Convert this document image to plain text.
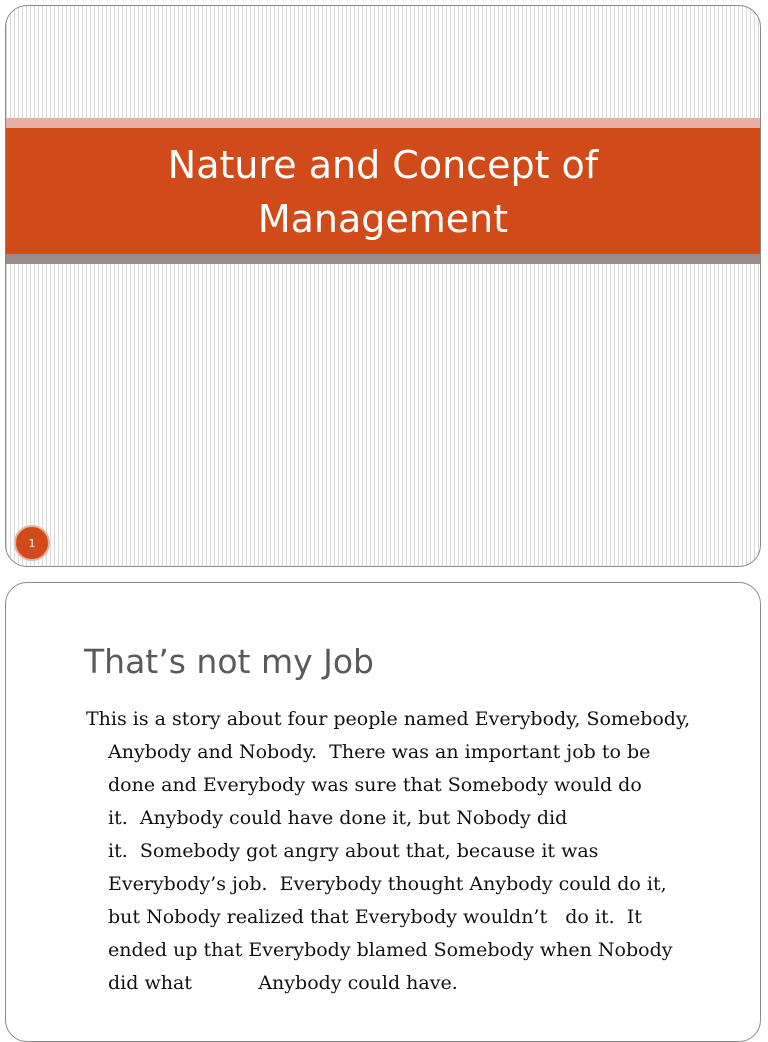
Nature and Concept of
Management
1
That’s not my Job

This is a story about four people named Everybody, Somebody,
Anybody and Nobody.  There was an important job to be
done and Everybody was sure that Somebody would do
it.  Anybody could have done it, but Nobody did
it.  Somebody got angry about that, because it was
Everybody’s job.  Everybody thought Anybody could do it,
but Nobody realized that Everybody wouldn’t   do it.  It
ended up that Everybody blamed Somebody when Nobody
did what           Anybody could have.
